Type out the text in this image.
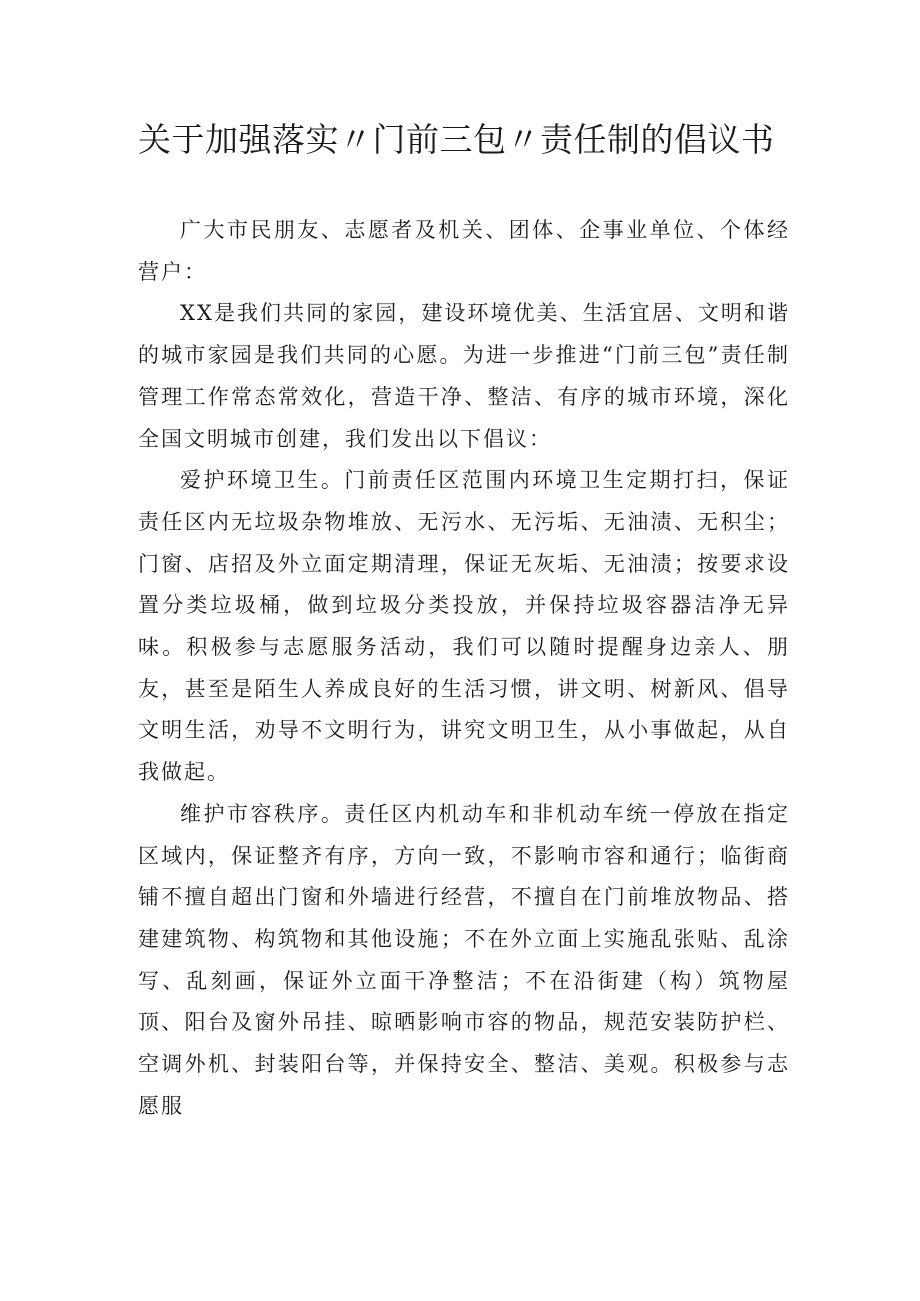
关于加强落实〃门前三包〃责任制的倡议书

广大市民朋友、志愿者及机关、团体、企事业单位、个体经营户：

XX是我们共同的家园，建设环境优美、生活宜居、文明和谐的城市家园是我们共同的心愿。为进一步推进“门前三包”责任制管理工作常态常效化，营造干净、整洁、有序的城市环境，深化全国文明城市创建，我们发出以下倡议：

爱护环境卫生。门前责任区范围内环境卫生定期打扫，保证责任区内无垃圾杂物堆放、无污水、无污垢、无油渍、无积尘；门窗、店招及外立面定期清理，保证无灰垢、无油渍；按要求设置分类垃圾桶，做到垃圾分类投放，并保持垃圾容器洁净无异味。积极参与志愿服务活动，我们可以随时提醒身边亲人、朋友，甚至是陌生人养成良好的生活习惯，讲文明、树新风、倡导文明生活，劝导不文明行为，讲究文明卫生，从小事做起，从自我做起。

维护市容秩序。责任区内机动车和非机动车统一停放在指定区域内，保证整齐有序，方向一致，不影响市容和通行；临街商铺不擅自超出门窗和外墙进行经营，不擅自在门前堆放物品、搭建建筑物、构筑物和其他设施；不在外立面上实施乱张贴、乱涂写、乱刻画，保证外立面干净整洁；不在沿街建（构）筑物屋顶、阳台及窗外吊挂、晾晒影响市容的物品，规范安装防护栏、空调外机、封装阳台等，并保持安全、整洁、美观。积极参与志愿服
